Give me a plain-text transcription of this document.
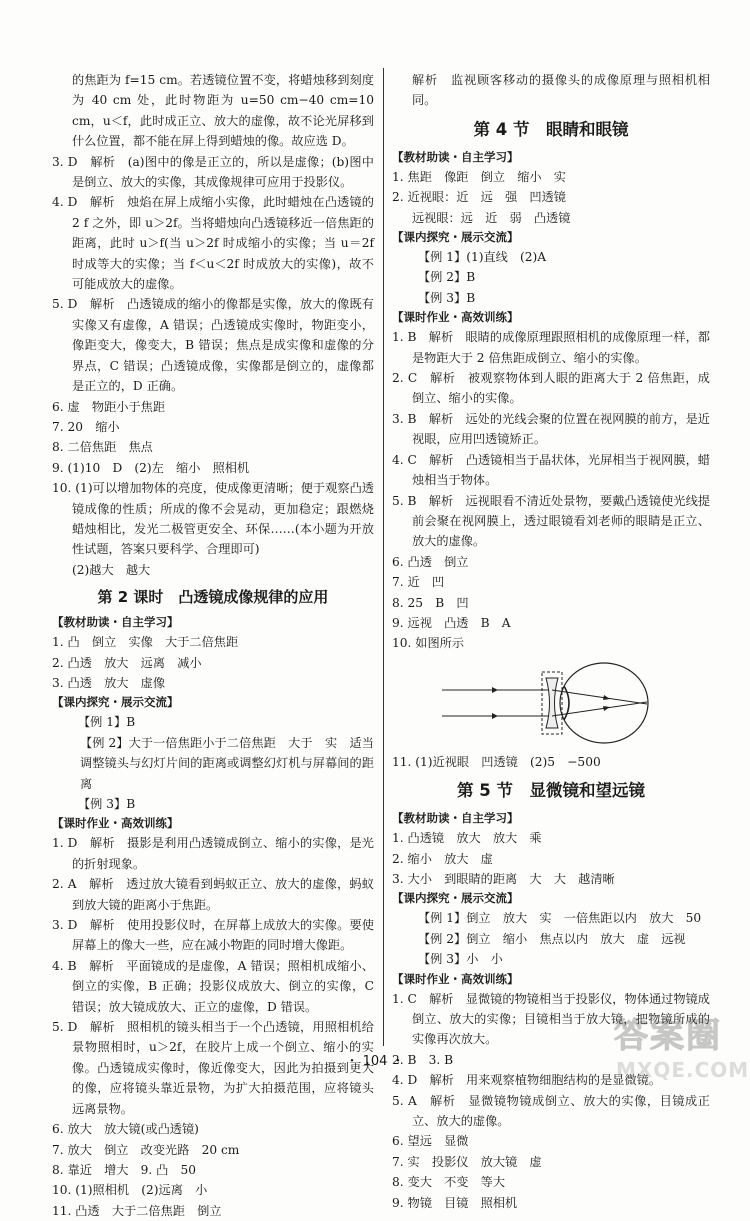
的焦距为 f=15 cm。若透镜位置不变，将蜡烛移到刻度为 40 cm 处，此时物距为 u=50 cm−40 cm=10 cm，u＜f，此时成正立、放大的虚像，故不论光屏移到什么位置，都不能在屏上得到蜡烛的像。故应选 D。
3. D　解析　(a)图中的像是正立的，所以是虚像；(b)图中是倒立、放大的实像，其成像规律可应用于投影仪。
4. D　解析　烛焰在屏上成缩小实像，此时蜡烛在凸透镜的 2 f 之外，即 u＞2f。当将蜡烛向凸透镜移近一倍焦距的距离，此时 u＞f(当 u＞2f 时成缩小的实像；当 u＝2f 时成等大的实像；当 f＜u＜2f 时成放大的实像)，故不可能成放大的虚像。
5. D　解析　凸透镜成的缩小的像都是实像，放大的像既有实像又有虚像，A 错误；凸透镜成实像时，物距变小，像距变大，像变大，B 错误；焦点是成实像和虚像的分界点，C 错误；凸透镜成像，实像都是倒立的，虚像都是正立的，D 正确。
6. 虚　物距小于焦距
7. 20　缩小
8. 二倍焦距　焦点
9. (1)10　D　(2)左　缩小　照相机
10. (1)可以增加物体的亮度，使成像更清晰；便于观察凸透镜成像的性质；所成的像不会晃动，更加稳定；跟燃烧蜡烛相比，发光二极管更安全、环保……(本小题为开放性试题，答案只要科学、合理即可)
(2)越大　越大
第 2 课时　凸透镜成像规律的应用
【教材助读・自主学习】
1. 凸　倒立　实像　大于二倍焦距
2. 凸透　放大　远离　减小
3. 凸透　放大　虚像
【课内探究・展示交流】
【例 1】B
【例 2】大于一倍焦距小于二倍焦距　大于　实　适当调整镜头与幻灯片间的距离或调整幻灯机与屏幕间的距离
【例 3】B
【课时作业・高效训练】
1. D　解析　摄影是利用凸透镜成倒立、缩小的实像，是光的折射现象。
2. A　解析　透过放大镜看到蚂蚁正立、放大的虚像，蚂蚁到放大镜的距离小于焦距。
3. D　解析　使用投影仪时，在屏幕上成放大的实像。要使屏幕上的像大一些，应在减小物距的同时增大像距。
4. B　解析　平面镜成的是虚像，A 错误；照相机成缩小、倒立的实像，B 正确；投影仪成放大、倒立的实像，C 错误；放大镜成放大、正立的虚像，D 错误。
5. D　解析　照相机的镜头相当于一个凸透镜，用照相机给景物照相时，u＞2f，在胶片上成一个倒立、缩小的实像。凸透镜成实像时，像近像变大，因此为拍摄到更大的像，应将镜头靠近景物，为扩大拍摄范围，应将镜头远离景物。
6. 放大　放大镜(或凸透镜)
7. 放大　倒立　改变光路　20 cm
8. 靠近　增大　9. 凸　50
10. (1)照相机　(2)远离　小
11. 凸透　大于二倍焦距　倒立
解析　监视顾客移动的摄像头的成像原理与照相机相同。
第 4 节　眼睛和眼镜
【教材助读・自主学习】
1. 焦距　像距　倒立　缩小　实
2. 近视眼：近　远　强　凹透镜
远视眼：远　近　弱　凸透镜
【课内探究・展示交流】
【例 1】(1)直线　(2)A
【例 2】B
【例 3】B
【课时作业・高效训练】
1. B　解析　眼睛的成像原理跟照相机的成像原理一样，都是物距大于 2 倍焦距成倒立、缩小的实像。
2. C　解析　被观察物体到人眼的距离大于 2 倍焦距，成倒立、缩小的实像。
3. B　解析　远处的光线会聚的位置在视网膜的前方，是近视眼，应用凹透镜矫正。
4. C　解析　凸透镜相当于晶状体，光屏相当于视网膜，蜡烛相当于物体。
5. B　解析　远视眼看不清近处景物，要戴凸透镜使光线提前会聚在视网膜上，透过眼镜看刘老师的眼睛是正立、放大的虚像。
6. 凸透　倒立
7. 近　凹
8. 25　B　凹
9. 远视　凸透　B　A
10. 如图所示
11. (1)近视眼　凹透镜　(2)5　−500
第 5 节　显微镜和望远镜
【教材助读・自主学习】
1. 凸透镜　放大　放大　乘
2. 缩小　放大　虚
3. 大小　到眼睛的距离　大　大　越清晰
【课内探究・展示交流】
【例 1】倒立　放大　实　一倍焦距以内　放大　50
【例 2】倒立　缩小　焦点以内　放大　虚　远视
【例 3】小　小
【课时作业・高效训练】
1. C　解析　显微镜的物镜相当于投影仪，物体通过物镜成倒立、放大的实像；目镜相当于放大镜，把物镜所成的实像再次放大。
2. B　3. B
4. D　解析　用来观察植物细胞结构的是显微镜。
5. A　解析　显微镜物镜成倒立、放大的实像，目镜成正立、放大的虚像。
6. 望远　显微
7. 实　投影仪　放大镜　虚
8. 变大　不变　等大
9. 物镜　目镜　照相机
・ 104 ・
答案圈
MXQE.COM
